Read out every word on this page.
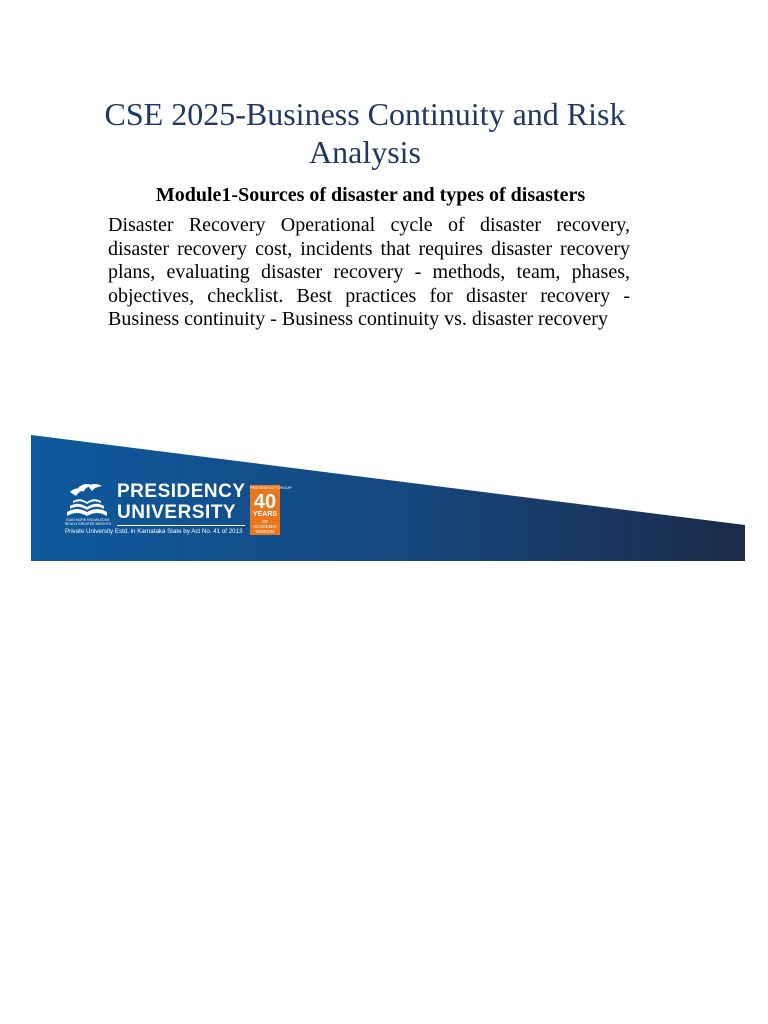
CSE 2025-Business Continuity and Risk Analysis
Module1-Sources of disaster and types of disasters

Disaster Recovery Operational cycle of disaster recovery, disaster recovery cost, incidents that requires disaster recovery plans, evaluating disaster recovery - methods, team, phases, objectives, checklist. Best practices for disaster recovery - Business continuity - Business continuity vs. disaster recovery

GAIN MORE KNOWLEDGE REACH GREATER HEIGHTS
PRESIDENCY
UNIVERSITY
Private University Estd. in Karnataka State by Act No. 41 of 2013
PRESIDENCY GROUP
40
YEARS
OF ACADEMIC WISDOM
